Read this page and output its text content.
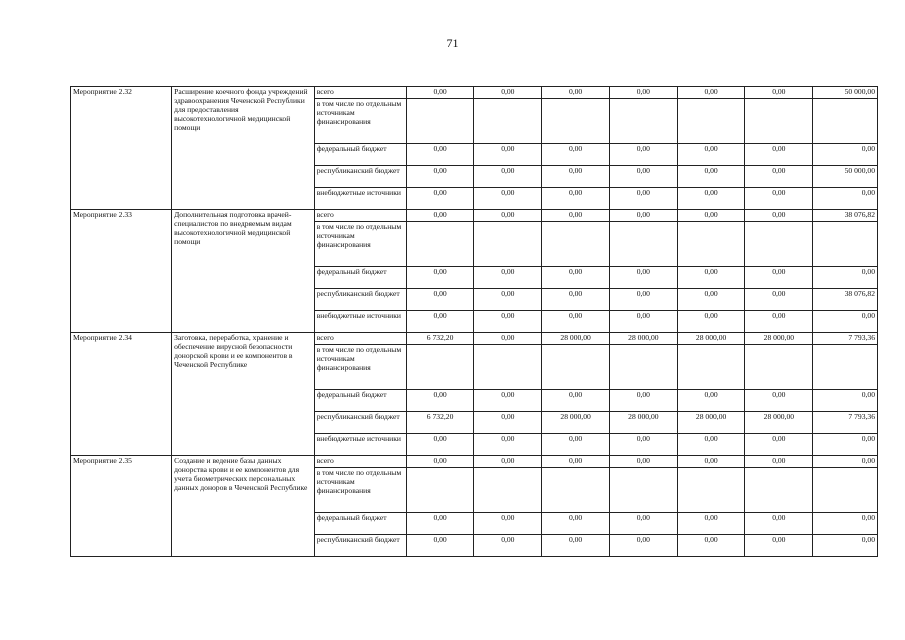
71
Мероприятие 2.32	Расширение коечного фонда учреждений здравоохранения Чеченской Республики для предоставления высокотехнологичной медицинской помощи	всего	0,00	0,00	0,00	0,00	0,00	0,00	50 000,00
		в том числе по отдельным источникам финансирования							
		федеральный бюджет	0,00	0,00	0,00	0,00	0,00	0,00	0,00
		республиканский бюджет	0,00	0,00	0,00	0,00	0,00	0,00	50 000,00
		внебюджетные источники	0,00	0,00	0,00	0,00	0,00	0,00	0,00
Мероприятие 2.33	Дополнительная подготовка врачей-специалистов по внедряемым видам высокотехнологичной медицинской помощи	всего	0,00	0,00	0,00	0,00	0,00	0,00	38 076,82
		в том числе по отдельным источникам финансирования							
		федеральный бюджет	0,00	0,00	0,00	0,00	0,00	0,00	0,00
		республиканский бюджет	0,00	0,00	0,00	0,00	0,00	0,00	38 076,82
		внебюджетные источники	0,00	0,00	0,00	0,00	0,00	0,00	0,00
Мероприятие 2.34	Заготовка, переработка, хранение и обеспечение вирусной безопасности донорской крови и ее компонентов в Чеченской Республике	всего	6 732,20	0,00	28 000,00	28 000,00	28 000,00	28 000,00	7 793,36
		в том числе по отдельным источникам финансирования							
		федеральный бюджет	0,00	0,00	0,00	0,00	0,00	0,00	0,00
		республиканский бюджет	6 732,20	0,00	28 000,00	28 000,00	28 000,00	28 000,00	7 793,36
		внебюджетные источники	0,00	0,00	0,00	0,00	0,00	0,00	0,00
Мероприятие 2.35	Создание и ведение базы данных донорства крови и ее компонентов для учета биометрических персональных данных доноров в Чеченской Республике	всего	0,00	0,00	0,00	0,00	0,00	0,00	0,00
		в том числе по отдельным источникам финансирования							
		федеральный бюджет	0,00	0,00	0,00	0,00	0,00	0,00	0,00
		республиканский бюджет	0,00	0,00	0,00	0,00	0,00	0,00	0,00
